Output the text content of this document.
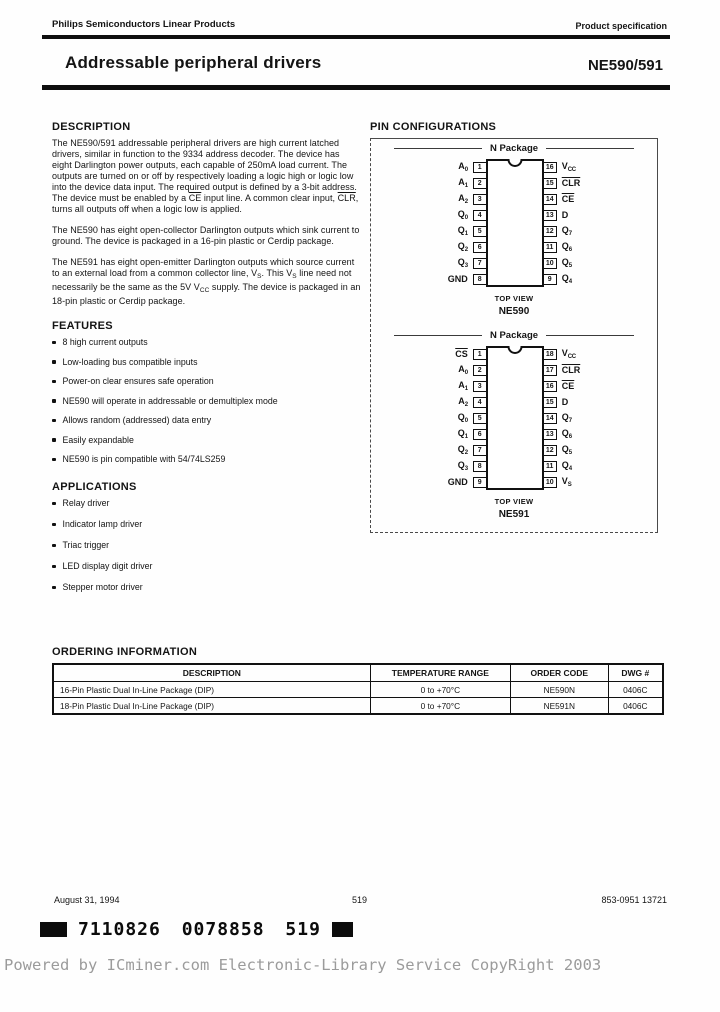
Philips Semiconductors Linear Products	Product specification
Addressable peripheral drivers	NE590/591
DESCRIPTION

The NE590/591 addressable peripheral drivers are high current latched drivers, similar in function to the 9334 address decoder. The device has eight Darlington power outputs, each capable of 250mA load current. The outputs are turned on or off by respectively loading a logic high or logic low into the device data input. The required output is defined by a 3-bit address. The device must be enabled by a $\overline{CE}$ input line. A common clear input, $\overline{CLR}$, turns all outputs off when a logic low is applied.

The NE590 has eight open-collector Darlington outputs which sink current to ground. The device is packaged in a 16-pin plastic or Cerdip package.

The NE591 has eight open-emitter Darlington outputs which source current to an external load from a common collector line, $V_S$. This $V_S$ line need not necessarily be the same as the 5V $V_{CC}$ supply. The device is packaged in an 18-pin plastic or Cerdip package.

FEATURES
8 high current outputs
Low-loading bus compatible inputs
Power-on clear ensures safe operation
NE590 will operate in addressable or demultiplex mode
Allows random (addressed) data entry
Easily expandable
NE590 is pin compatible with 54/74LS259
APPLICATIONS
Relay driver
Indicator lamp driver
Triac trigger
LED display digit driver
Stepper motor driver
PIN CONFIGURATIONS
N Package
$A_0$	1
$A_1$	2
$A_2$	3
$Q_0$	4
$Q_1$	5
$Q_2$	6
$Q_3$	7
GND	8
16 $V_{CC}$
15 $\overline{CLR}$
14 $\overline{CE}$
13 D
12 $Q_7$
11 $Q_6$
10 $Q_5$
9	$Q_4$
TOP VIEW
NE590
N Package
$\overline{CS}$	1
$A_0$	2
$A_1$	3
$A_2$	4
$Q_0$	5
$Q_1$	6
$Q_2$	7
$Q_3$	8
GND	9
18 $V_{CC}$
17 $\overline{CLR}$
16 $\overline{CE}$
15 D
14 $Q_7$
13 $Q_6$
12 $Q_5$
11 $Q_4$
10 $V_S$
TOP VIEW
NE591
ORDERING INFORMATION
DESCRIPTION	TEMPERATURE RANGE	ORDER CODE	DWG #
16-Pin Plastic Dual In-Line Package (DIP)	0 to +70°C	NE590N	0406C
18-Pin Plastic Dual In-Line Package (DIP)	0 to +70°C	NE591N	0406C
August 31, 1994	519	853-0951 13721
7110826 0078858 519
Powered by ICminer.com Electronic-Library Service CopyRight 2003
